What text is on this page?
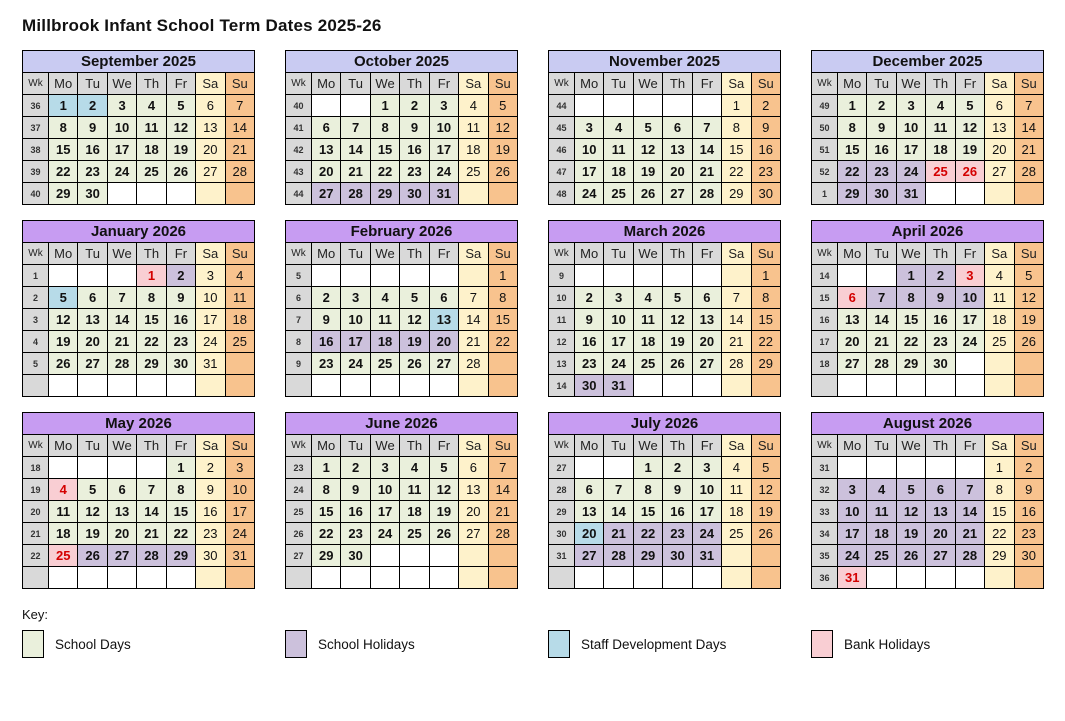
Millbrook Infant School Term Dates 2025-26
September 2025							
Wk	Mo	Tu	We	Th	Fr	Sa	Su
36	1	2	3	4	5	6	7
37	8	9	10	11	12	13	14
38	15	16	17	18	19	20	21
39	22	23	24	25	26	27	28
40	29	30					
October 2025							
Wk	Mo	Tu	We	Th	Fr	Sa	Su
40			1	2	3	4	5
41	6	7	8	9	10	11	12
42	13	14	15	16	17	18	19
43	20	21	22	23	24	25	26
44	27	28	29	30	31		
November 2025							
Wk	Mo	Tu	We	Th	Fr	Sa	Su
44						1	2
45	3	4	5	6	7	8	9
46	10	11	12	13	14	15	16
47	17	18	19	20	21	22	23
48	24	25	26	27	28	29	30
December 2025							
Wk	Mo	Tu	We	Th	Fr	Sa	Su
49	1	2	3	4	5	6	7
50	8	9	10	11	12	13	14
51	15	16	17	18	19	20	21
52	22	23	24	25	26	27	28
1	29	30	31				
January 2026							
Wk	Mo	Tu	We	Th	Fr	Sa	Su
1				1	2	3	4
2	5	6	7	8	9	10	11
3	12	13	14	15	16	17	18
4	19	20	21	22	23	24	25
5	26	27	28	29	30	31	

February 2026							
Wk	Mo	Tu	We	Th	Fr	Sa	Su
5							1
6	2	3	4	5	6	7	8
7	9	10	11	12	13	14	15
8	16	17	18	19	20	21	22
9	23	24	25	26	27	28	

March 2026							
Wk	Mo	Tu	We	Th	Fr	Sa	Su
9							1
10	2	3	4	5	6	7	8
11	9	10	11	12	13	14	15
12	16	17	18	19	20	21	22
13	23	24	25	26	27	28	29
14	30	31					
April 2026							
Wk	Mo	Tu	We	Th	Fr	Sa	Su
14			1	2	3	4	5
15	6	7	8	9	10	11	12
16	13	14	15	16	17	18	19
17	20	21	22	23	24	25	26
18	27	28	29	30			

May 2026							
Wk	Mo	Tu	We	Th	Fr	Sa	Su
18					1	2	3
19	4	5	6	7	8	9	10
20	11	12	13	14	15	16	17
21	18	19	20	21	22	23	24
22	25	26	27	28	29	30	31

June 2026							
Wk	Mo	Tu	We	Th	Fr	Sa	Su
23	1	2	3	4	5	6	7
24	8	9	10	11	12	13	14
25	15	16	17	18	19	20	21
26	22	23	24	25	26	27	28
27	29	30					

July 2026							
Wk	Mo	Tu	We	Th	Fr	Sa	Su
27			1	2	3	4	5
28	6	7	8	9	10	11	12
29	13	14	15	16	17	18	19
30	20	21	22	23	24	25	26
31	27	28	29	30	31		

August 2026							
Wk	Mo	Tu	We	Th	Fr	Sa	Su
31						1	2
32	3	4	5	6	7	8	9
33	10	11	12	13	14	15	16
34	17	18	19	20	21	22	23
35	24	25	26	27	28	29	30
36	31						
Key:
School Days	School Holidays	Staff Development Days	Bank Holidays
